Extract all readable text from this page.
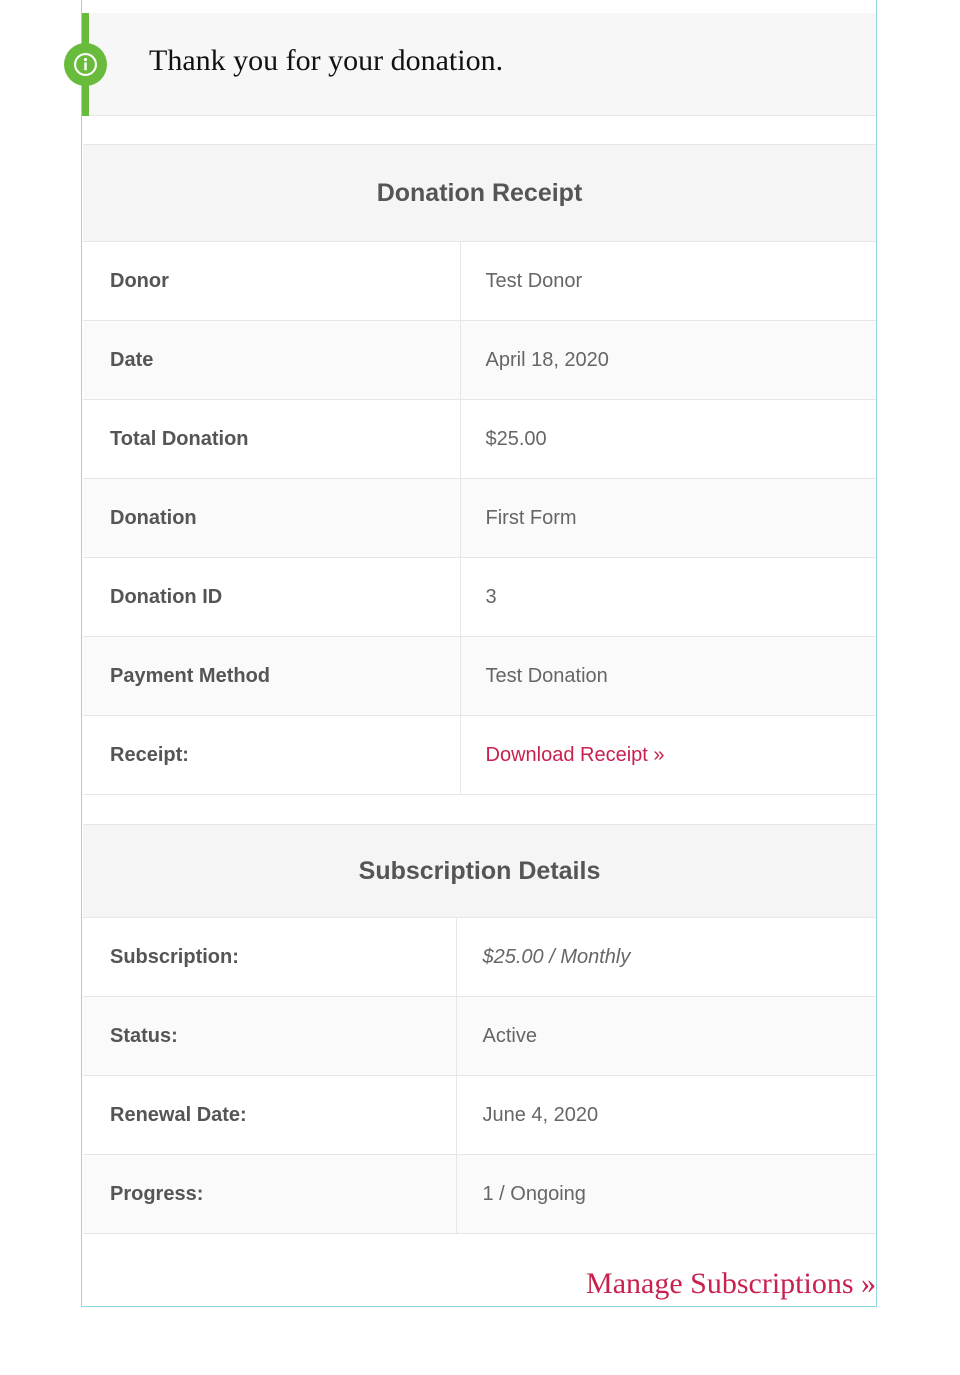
Thank you for your donation.
Donation Receipt	
Donor	Test Donor
Date	April 18, 2020
Total Donation	$25.00
Donation	First Form
Donation ID	3
Payment Method	Test Donation
Receipt:	Download Receipt »
Subscription Details	
Subscription:	$25.00 / Monthly
Status:	Active
Renewal Date:	June 4, 2020
Progress:	1 / Ongoing
Manage Subscriptions »
